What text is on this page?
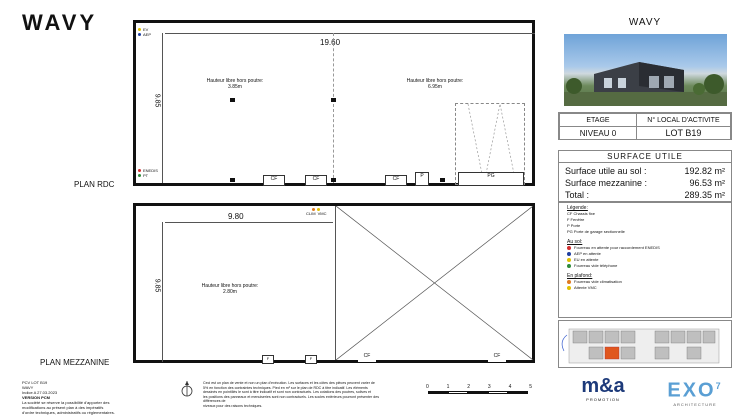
WAVY
19.60
9.85
EV
AEP
ENEDIS
PT
Hauteur libre hors poutre:
3.85m
Hauteur libre hors poutre:
6.95m
CF	CF	CF	P	PG
PLAN RDC
9.80
9.85
CLIM VMC
Hauteur libre hors poutre:
2.80m
F	F	CF	CF
PLAN MEZZANINE
PCV LOT B19
WAVY
Indice A 27.03.2023
VERSION PCM
La société se réserve la possibilité d'apporter des
modifications au présent plan à des impératifs
d'ordre techniques, administratifs ou réglementaires.
Ceci est un plan de vente et non un plan d'exécution. Les surfaces et les côtes des pièces peuvent varier de
5% en fonction des contraintes techniques. Pied en m² sur le plan de RDC à titre indicatif. Les éléments
dessinés en pointillés le sont à titre indicatif et sont non contractuels. Les cotations des poutres, solives et
les positions des panneaux et menuiseries sont non contractuels. Les socles extérieurs pourront présenter des différences de
niveaux pour des raisons techniques.
0	1	2	3	4	5
WAVY
ETAGE	N° LOCAL D'ACTIVITE
NIVEAU 0	LOT B19
SURFACE UTILE
Surface utile au sol :	192.82 m²
Surface mezzanine :	96.53 m²
Total :	289.35 m²
Légende:
CF Chassis fixe
F Fenêtre
P Porte
PG Porte de garage sectionnelle
Au sol:
Fourreau en attente pour raccordement ENEDIS
AEP en attente
EU en attente
Fourreau vide téléphone
En plafond:
Fourreau vide climatisation
Attente VMC
m&a
PROMOTION	EXO$^7$
ARCHITECTURE
